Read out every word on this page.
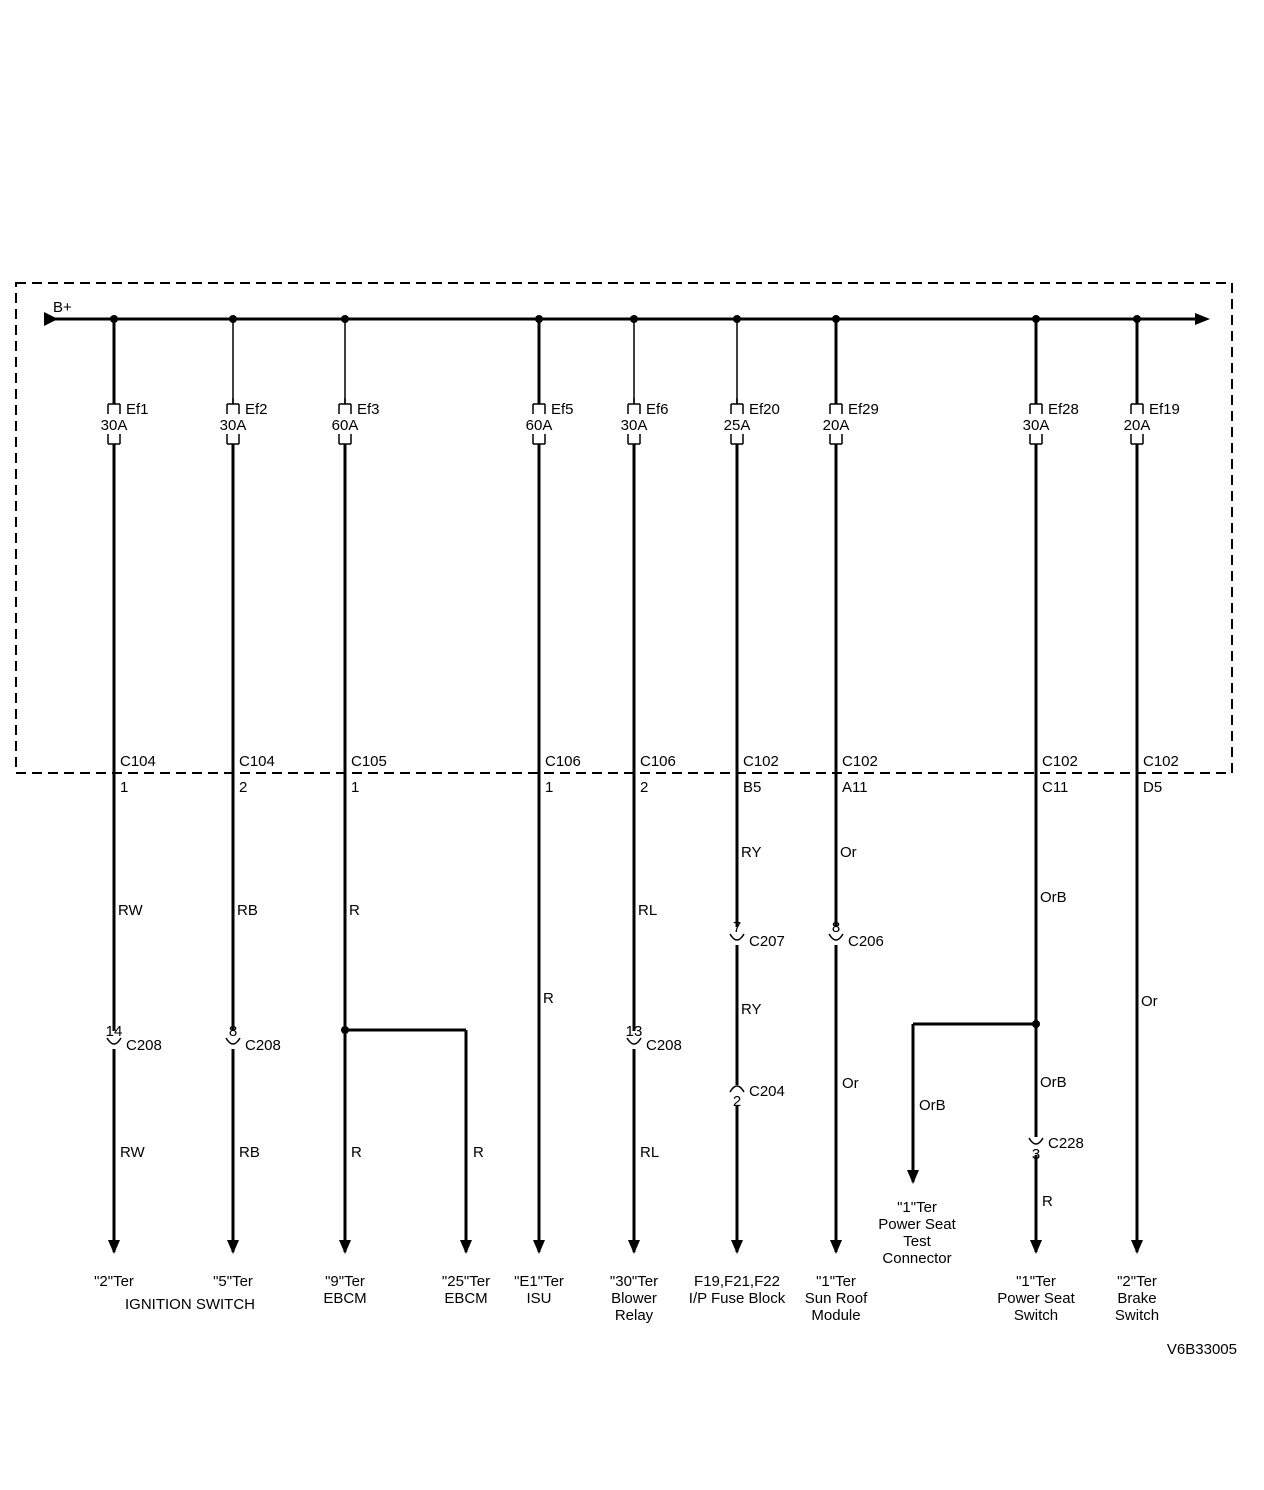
B+
Ef1
30A
C104
1
RW
RW
14
C208
"2"Ter
Ef2
30A
C104
2
RB
RB
8
C208
"5"Ter
Ef3
60A
C105
1
R
R
"9"Ter
EBCM
Ef5
60A
C106
1
R
"E1"Ter
ISU
Ef6
30A
C106
2
RL
RL
13
C208
"30"Ter
Blower
Relay
Ef20
25A
C102
B5
RY
RY
7
C207
2
C204
F19,F21,F22
I/P Fuse Block
Ef29
20A
C102
A11
Or
Or
8
C206
"1"Ter
Sun Roof
Module
Ef28
30A
C102
C11
OrB
OrB
R
3
C228
"1"Ter
Power Seat
Switch
Ef19
20A
C102
D5
Or
"2"Ter
Brake
Switch
R
"25"Ter
EBCM
OrB
"1"Ter
Power Seat
Test
Connector
IGNITION SWITCH
V6B33005
